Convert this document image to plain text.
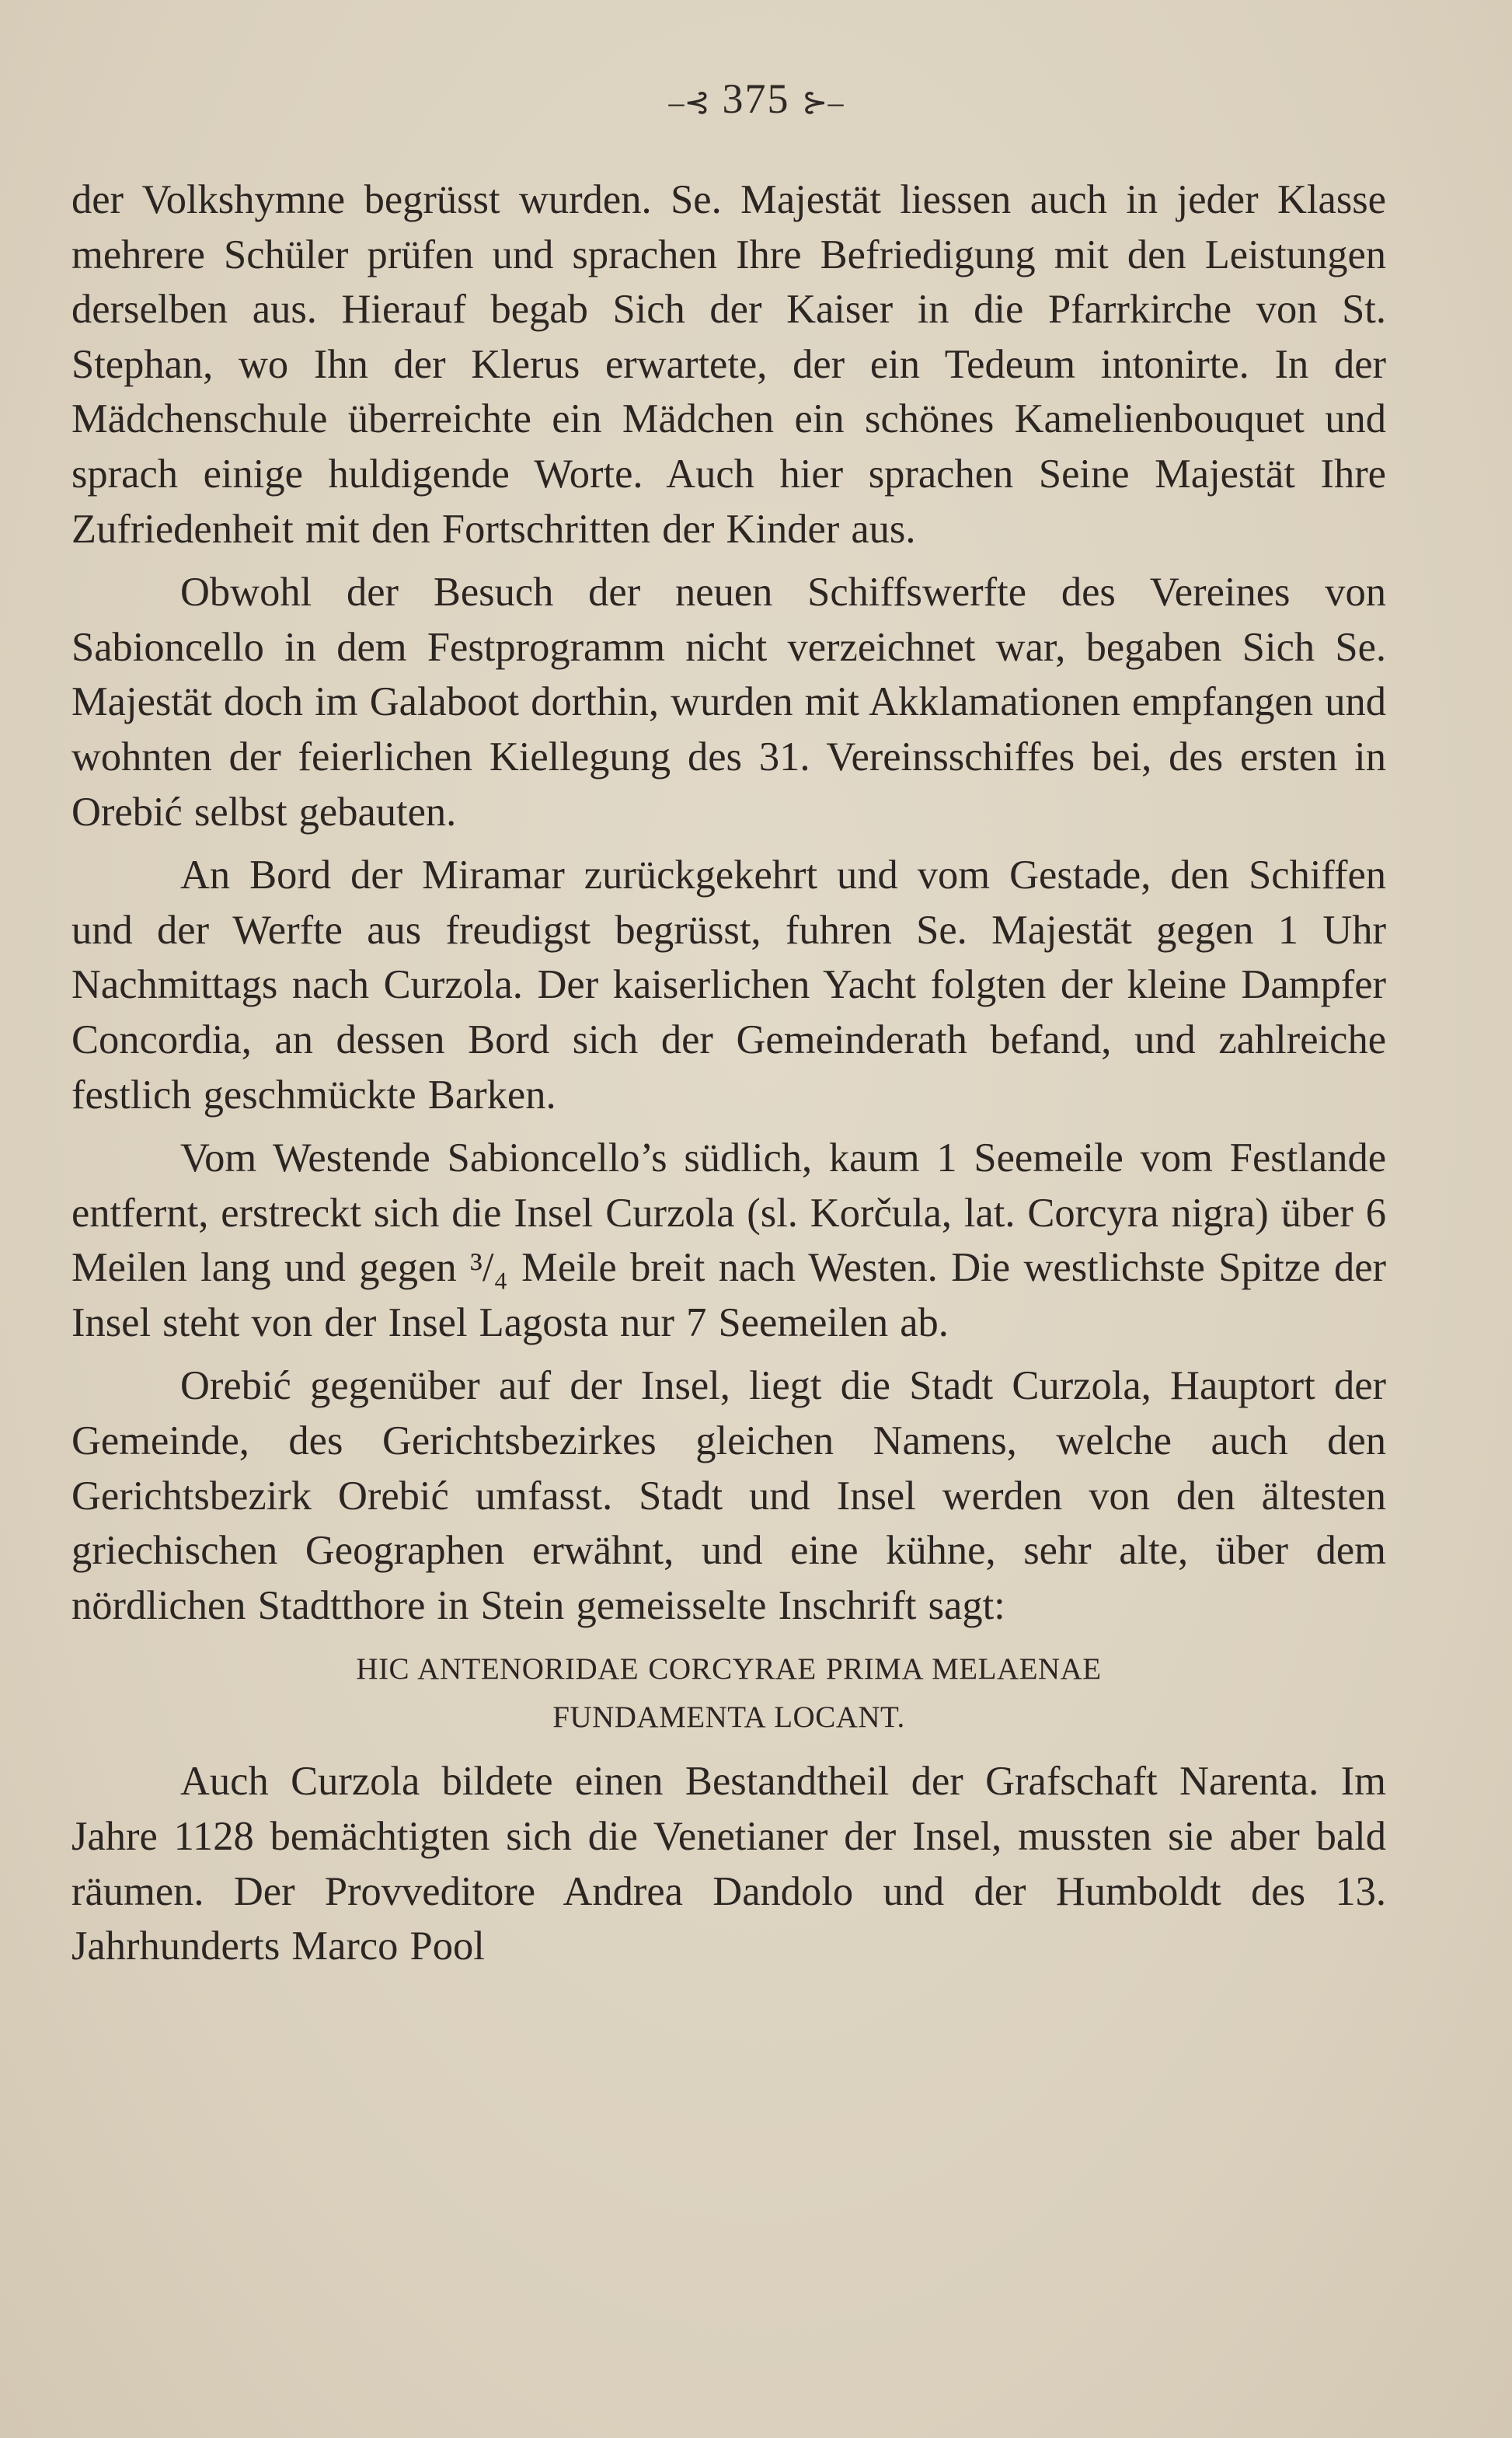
–⊰ 375 ⊱–

der Volkshymne begrüsst wurden. Se. Majestät liessen auch in jeder Klasse mehrere Schüler prüfen und sprachen Ihre Befriedigung mit den Leistungen derselben aus. Hierauf begab Sich der Kaiser in die Pfarrkirche von St. Stephan, wo Ihn der Klerus erwartete, der ein Tedeum intonirte. In der Mädchenschule überreichte ein Mädchen ein schönes Kamelienbouquet und sprach einige huldigende Worte. Auch hier sprachen Seine Majestät Ihre Zufriedenheit mit den Fortschritten der Kinder aus.

Obwohl der Besuch der neuen Schiffswerfte des Vereines von Sabioncello in dem Festprogramm nicht verzeichnet war, begaben Sich Se. Majestät doch im Galaboot dorthin, wurden mit Akklamationen empfangen und wohnten der feierlichen Kiellegung des 31. Vereinsschiffes bei, des ersten in Orebić selbst gebauten.

An Bord der Miramar zurückgekehrt und vom Gestade, den Schiffen und der Werfte aus freudigst begrüsst, fuhren Se. Majestät gegen 1 Uhr Nachmittags nach Curzola. Der kaiserlichen Yacht folgten der kleine Dampfer Concordia, an dessen Bord sich der Gemeinderath befand, und zahlreiche festlich geschmückte Barken.

Vom Westende Sabioncello’s südlich, kaum 1 Seemeile vom Festlande entfernt, erstreckt sich die Insel Curzola (sl. Korčula, lat. Corcyra nigra) über 6 Meilen lang und gegen ³/₄ Meile breit nach Westen. Die westlichste Spitze der Insel steht von der Insel Lagosta nur 7 Seemeilen ab.

Orebić gegenüber auf der Insel, liegt die Stadt Curzola, Hauptort der Gemeinde, des Gerichtsbezirkes gleichen Namens, welche auch den Gerichtsbezirk Orebić umfasst. Stadt und Insel werden von den ältesten griechischen Geographen erwähnt, und eine kühne, sehr alte, über dem nördlichen Stadtthore in Stein gemeisselte Inschrift sagt:

HIC ANTENORIDAE CORCYRAE PRIMA MELAENAE
FUNDAMENTA LOCANT.

Auch Curzola bildete einen Bestandtheil der Grafschaft Narenta. Im Jahre 1128 bemächtigten sich die Venetianer der Insel, mussten sie aber bald räumen. Der Provveditore Andrea Dandolo und der Humboldt des 13. Jahrhunderts Marco Pool
